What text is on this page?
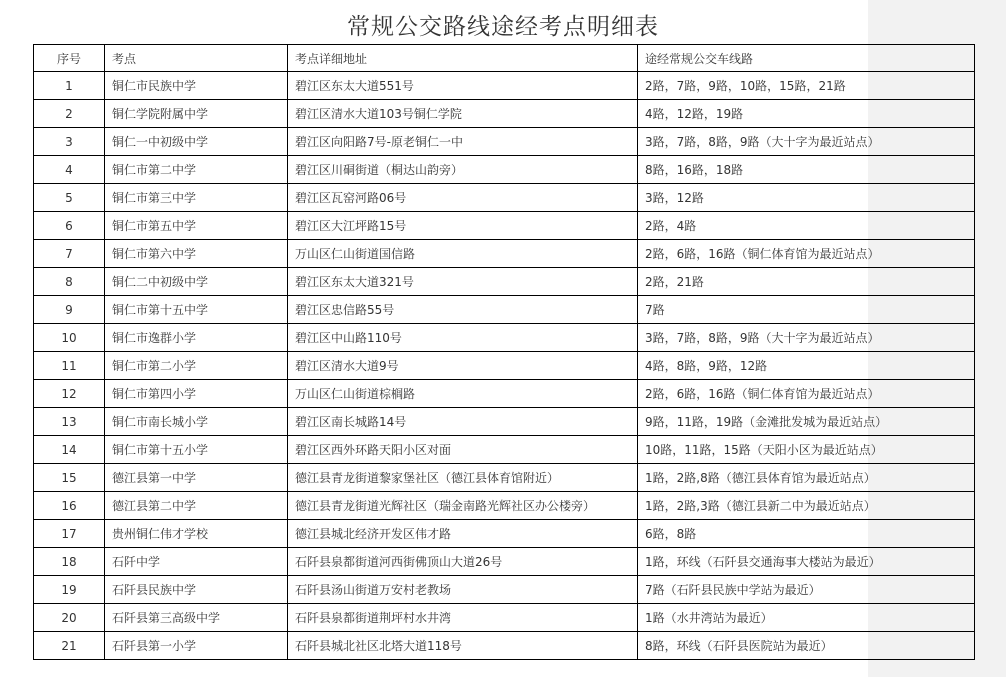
常规公交路线途经考点明细表
序号	考点	考点详细地址	途经常规公交车线路
1	铜仁市民族中学	碧江区东太大道551号	2路，7路，9路，10路，15路，21路
2	铜仁学院附属中学	碧江区清水大道103号铜仁学院	4路，12路，19路
3	铜仁一中初级中学	碧江区向阳路7号-原老铜仁一中	3路，7路，8路，9路（大十字为最近站点）
4	铜仁市第二中学	碧江区川硐街道（桐达山韵旁）	8路，16路，18路
5	铜仁市第三中学	碧江区瓦窑河路06号	3路，12路
6	铜仁市第五中学	碧江区大江坪路15号	2路，4路
7	铜仁市第六中学	万山区仁山街道国信路	2路，6路，16路（铜仁体育馆为最近站点）
8	铜仁二中初级中学	碧江区东太大道321号	2路，21路
9	铜仁市第十五中学	碧江区忠信路55号	7路
10	铜仁市逸群小学	碧江区中山路110号	3路，7路，8路，9路（大十字为最近站点）
11	铜仁市第二小学	碧江区清水大道9号	4路，8路，9路，12路
12	铜仁市第四小学	万山区仁山街道棕榈路	2路，6路，16路（铜仁体育馆为最近站点）
13	铜仁市南长城小学	碧江区南长城路14号	9路，11路，19路（金滩批发城为最近站点）
14	铜仁市第十五小学	碧江区西外环路天阳小区对面	10路，11路，15路（天阳小区为最近站点）
15	德江县第一中学	德江县青龙街道黎家堡社区（德江县体育馆附近）	1路，2路,8路（德江县体育馆为最近站点）
16	德江县第二中学	德江县青龙街道光辉社区（瑞金南路光辉社区办公楼旁）	1路，2路,3路（德江县新二中为最近站点）
17	贵州铜仁伟才学校	德江县城北经济开发区伟才路	6路，8路
18	石阡中学	石阡县泉都街道河西街佛顶山大道26号	1路，环线（石阡县交通海事大楼站为最近）
19	石阡县民族中学	石阡县汤山街道万安村老教场	7路（石阡县民族中学站为最近）
20	石阡县第三高级中学	石阡县泉都街道荆坪村水井湾	1路（水井湾站为最近）
21	石阡县第一小学	石阡县城北社区北塔大道118号	8路，环线（石阡县医院站为最近）
